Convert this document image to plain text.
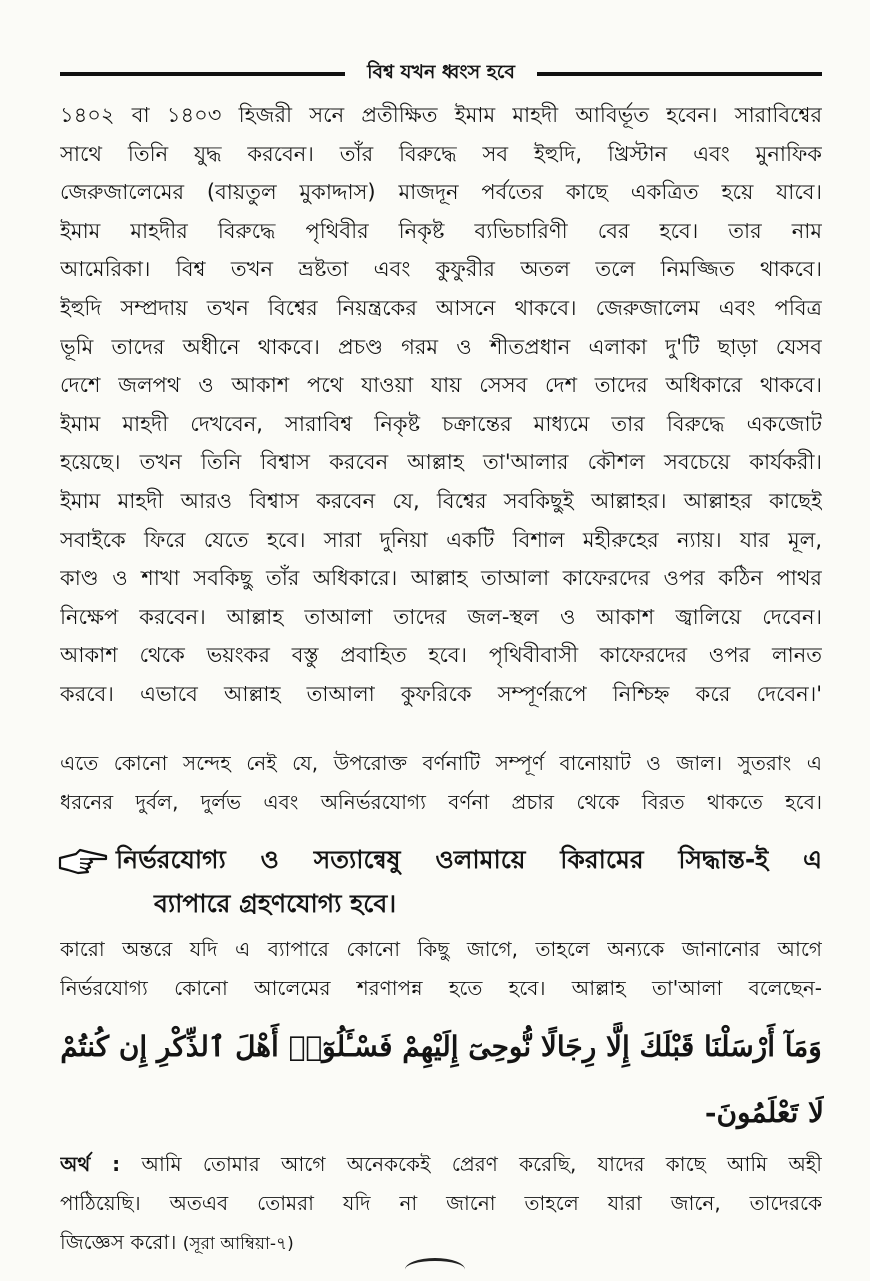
বিশ্ব যখন ধ্বংস হবে
১৪০২ বা ১৪০৩ হিজরী সনে প্রতীক্ষিত ইমাম মাহদী আবির্ভূত হবেন। সারাবিশ্বের
সাথে তিনি যুদ্ধ করবেন। তাঁর বিরুদ্ধে সব ইহুদি, খ্রিস্টান এবং মুনাফিক
জেরুজালেমের (বায়তুল মুকাদ্দাস) মাজদূন পর্বতের কাছে একত্রিত হয়ে যাবে।
ইমাম মাহদীর বিরুদ্ধে পৃথিবীর নিকৃষ্ট ব্যভিচারিণী বের হবে। তার নাম
আমেরিকা। বিশ্ব তখন ভ্রষ্টতা এবং কুফুরীর অতল তলে নিমজ্জিত থাকবে।
ইহুদি সম্প্রদায় তখন বিশ্বের নিয়ন্ত্রকের আসনে থাকবে। জেরুজালেম এবং পবিত্র
ভূমি তাদের অধীনে থাকবে। প্রচণ্ড গরম ও শীতপ্রধান এলাকা দু'টি ছাড়া যেসব
দেশে জলপথ ও আকাশ পথে যাওয়া যায় সেসব দেশ তাদের অধিকারে থাকবে।
ইমাম মাহদী দেখবেন, সারাবিশ্ব নিকৃষ্ট চক্রান্তের মাধ্যমে তার বিরুদ্ধে একজোট
হয়েছে। তখন তিনি বিশ্বাস করবেন আল্লাহ তা'আলার কৌশল সবচেয়ে কার্যকরী।
ইমাম মাহদী আরও বিশ্বাস করবেন যে, বিশ্বের সবকিছুই আল্লাহর। আল্লাহর কাছেই
সবাইকে ফিরে যেতে হবে। সারা দুনিয়া একটি বিশাল মহীরুহের ন্যায়। যার মূল,
কাণ্ড ও শাখা সবকিছু তাঁর অধিকারে। আল্লাহ তাআলা কাফেরদের ওপর কঠিন পাথর
নিক্ষেপ করবেন। আল্লাহ তাআলা তাদের জল-স্থল ও আকাশ জ্বালিয়ে দেবেন।
আকাশ থেকে ভয়ংকর বস্তু প্রবাহিত হবে। পৃথিবীবাসী কাফেরদের ওপর লানত
করবে। এভাবে আল্লাহ তাআলা কুফরিকে সম্পূর্ণরূপে নিশ্চিহ্ন করে দেবেন।'
এতে কোনো সন্দেহ নেই যে, উপরোক্ত বর্ণনাটি সম্পূর্ণ বানোয়াট ও জাল। সুতরাং এ
ধরনের দুর্বল, দুর্লভ এবং অনির্ভরযোগ্য বর্ণনা প্রচার থেকে বিরত থাকতে হবে।
নির্ভরযোগ্য ও সত্যান্বেষু ওলামায়ে কিরামের সিদ্ধান্ত-ই এ
ব্যাপারে গ্রহণযোগ্য হবে।
কারো অন্তরে যদি এ ব্যাপারে কোনো কিছু জাগে, তাহলে অন্যকে জানানোর আগে
নির্ভরযোগ্য কোনো আলেমের শরণাপন্ন হতে হবে। আল্লাহ তা'আলা বলেছেন-
وَمَآ أَرْسَلْنَا قَبْلَكَ إِلَّا رِجَالًا نُّوحِىٓ إِلَيْهِمْ فَسْـَٔلُوٓا۟ أَهْلَ ٱلذِّكْرِ إِن كُنتُمْ
لَا تَعْلَمُونَ-
অর্থ : আমি তোমার আগে অনেককেই প্রেরণ করেছি, যাদের কাছে আমি অহী
পাঠিয়েছি। অতএব তোমরা যদি না জানো তাহলে যারা জানে, তাদেরকে
জিজ্ঞেস করো। (সূরা আম্বিয়া-৭)
